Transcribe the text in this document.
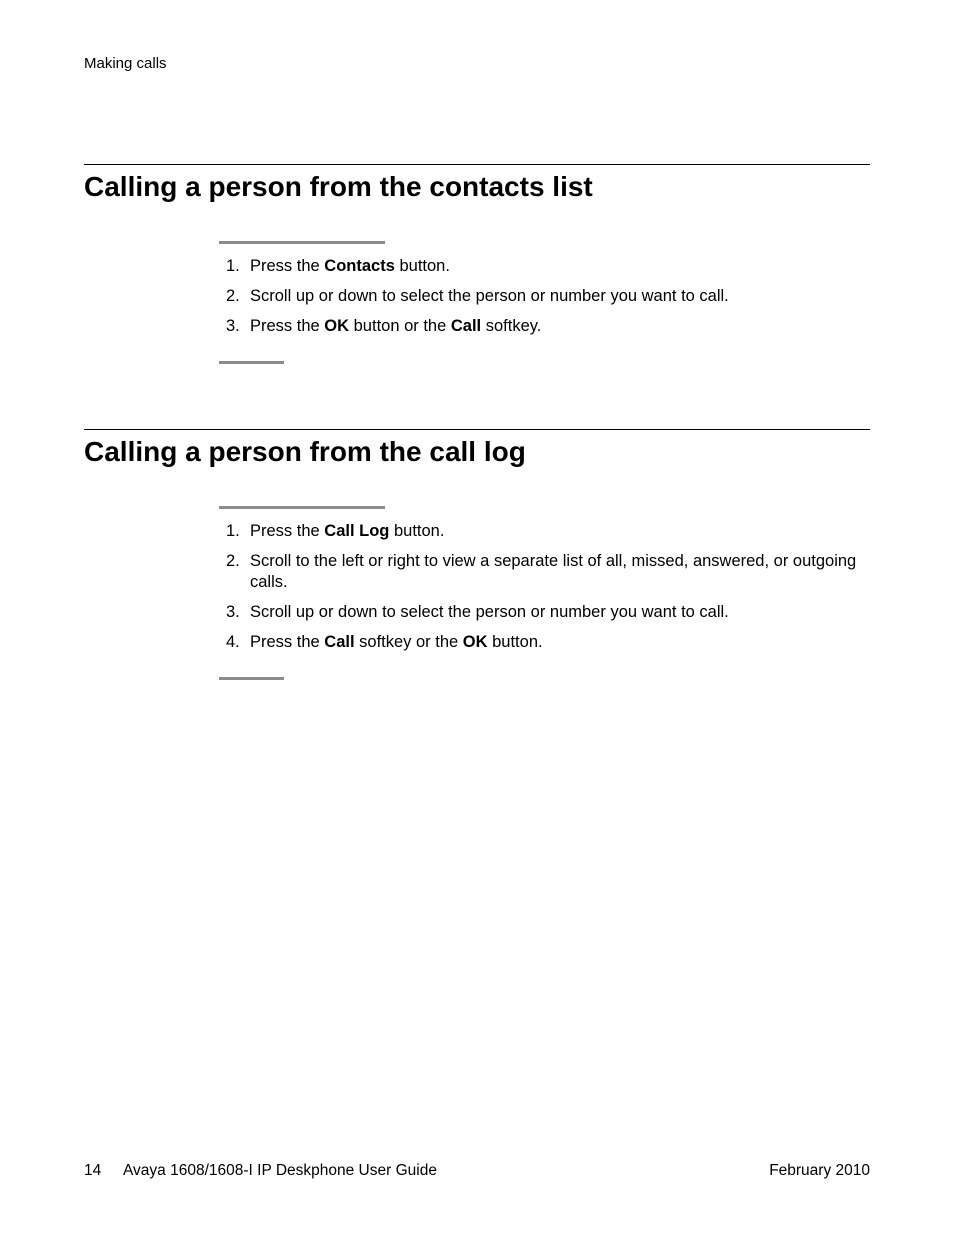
Making calls
Calling a person from the contacts list
1. Press the Contacts button.
2. Scroll up or down to select the person or number you want to call.
3. Press the OK button or the Call softkey.
Calling a person from the call log
1. Press the Call Log button.
2. Scroll to the left or right to view a separate list of all, missed, answered, or outgoing calls.
3. Scroll up or down to select the person or number you want to call.
4. Press the Call softkey or the OK button.
14 Avaya 1608/1608-I IP Deskphone User Guide	February 2010
